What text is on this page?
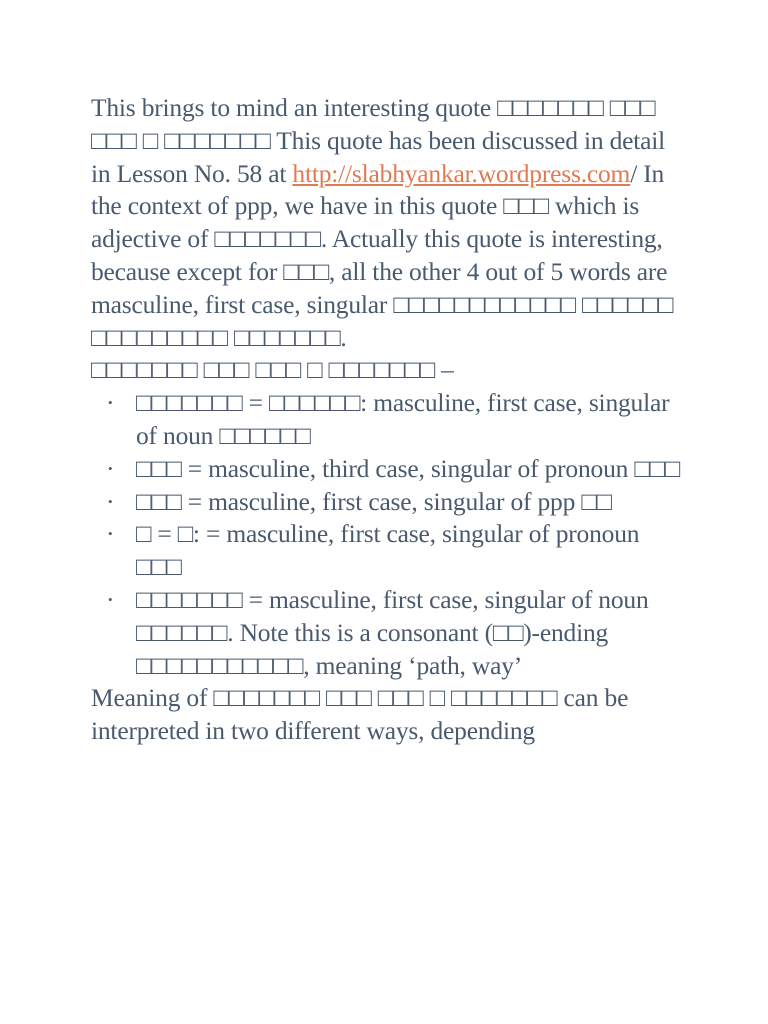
This brings to mind an interesting quote □□□□□□□ □□□ □□□ □ □□□□□□□ This quote has been discussed in detail in Lesson No. 58 at http://slabhyankar.wordpress.com/ In the context of ppp, we have in this quote □□□ which is adjective of □□□□□□□. Actually this quote is interesting, because except for □□□, all the other 4 out of 5 words are masculine, first case, singular □□□□□□□□□□□□ □□□□□□ □□□□□□□□□ □□□□□□□.

□□□□□□□ □□□ □□□ □ □□□□□□□ –

• □□□□□□□ = □□□□□□: masculine, first case, singular of noun □□□□□□
• □□□ = masculine, third case, singular of pronoun □□□
• □□□ = masculine, first case, singular of ppp □□
• □ = □: = masculine, first case, singular of pronoun □□□
• □□□□□□□ = masculine, first case, singular of noun □□□□□□. Note this is a consonant (□□)-ending □□□□□□□□□□□, meaning ‘path, way’

Meaning of □□□□□□□ □□□ □□□ □ □□□□□□□ can be interpreted in two different ways, depending
